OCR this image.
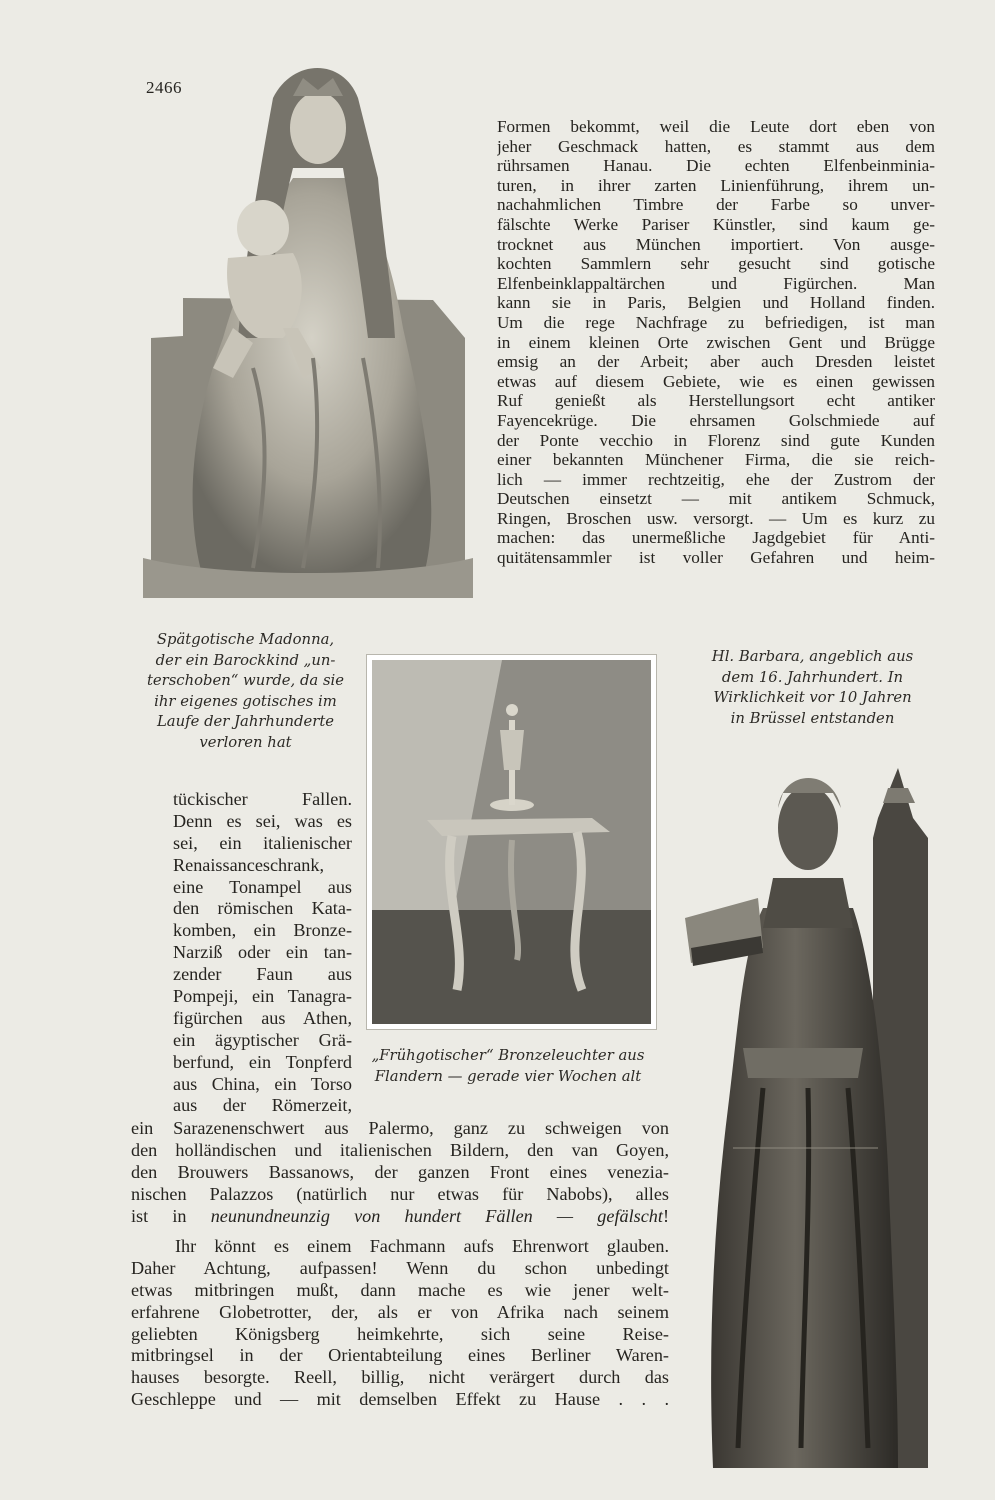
2466
Spätgotische Madonna,
der ein Barockkind „un-
terschoben“ wurde, da sie
ihr eigenes gotisches im
Laufe der Jahrhunderte
verloren hat
Formen bekommt, weil die Leute dort eben von
jeher Geschmack hatten, es stammt aus dem
rührsamen Hanau. Die echten Elfenbeinminia-
turen, in ihrer zarten Linienführung, ihrem un-
nachahmlichen Timbre der Farbe so unver-
fälschte Werke Pariser Künstler, sind kaum ge-
trocknet aus München importiert. Von ausge-
kochten Sammlern sehr gesucht sind gotische
Elfenbeinklappaltärchen und Figürchen. Man
kann sie in Paris, Belgien und Holland finden.
Um die rege Nachfrage zu befriedigen, ist man
in einem kleinen Orte zwischen Gent und Brügge
emsig an der Arbeit; aber auch Dresden leistet
etwas auf diesem Gebiete, wie es einen gewissen
Ruf genießt als Herstellungsort echt antiker
Fayencekrüge. Die ehrsamen Golschmiede auf
der Ponte vecchio in Florenz sind gute Kunden
einer bekannten Münchener Firma, die sie reich-
lich — immer rechtzeitig, ehe der Zustrom der
Deutschen einsetzt — mit antikem Schmuck,
Ringen, Broschen usw. versorgt. — Um es kurz zu
machen: das unermeßliche Jagdgebiet für Anti-
quitätensammler ist voller Gefahren und heim-
„Frühgotischer“ Bronzeleuchter aus
Flandern — gerade vier Wochen alt
Hl. Barbara, angeblich aus
dem 16. Jahrhundert. In
Wirklichkeit vor 10 Jahren
in Brüssel entstanden
tückischer Fallen.
Denn es sei, was es
sei, ein italienischer
Renaissanceschrank,
eine Tonampel aus
den römischen Kata-
komben, ein Bronze-
Narziß oder ein tan-
zender Faun aus
Pompeji, ein Tanagra-
figürchen aus Athen,
ein ägyptischer Grä-
berfund, ein Tonpferd
aus China, ein Torso
aus der Römerzeit,
ein Sarazenenschwert aus Palermo, ganz zu schweigen von
den holländischen und italienischen Bildern, den van Goyen,
den Brouwers Bassanows, der ganzen Front eines venezia-
nischen Palazzos (natürlich nur etwas für Nabobs), alles
ist in neunundneunzig von hundert Fällen — gefälscht!
Ihr könnt es einem Fachmann aufs Ehrenwort glauben.
Daher Achtung, aufpassen! Wenn du schon unbedingt
etwas mitbringen mußt, dann mache es wie jener welt-
erfahrene Globetrotter, der, als er von Afrika nach seinem
geliebten Königsberg heimkehrte, sich seine Reise-
mitbringsel in der Orientabteilung eines Berliner Waren-
hauses besorgte. Reell, billig, nicht verärgert durch das
Geschleppe und — mit demselben Effekt zu Hause . . .
